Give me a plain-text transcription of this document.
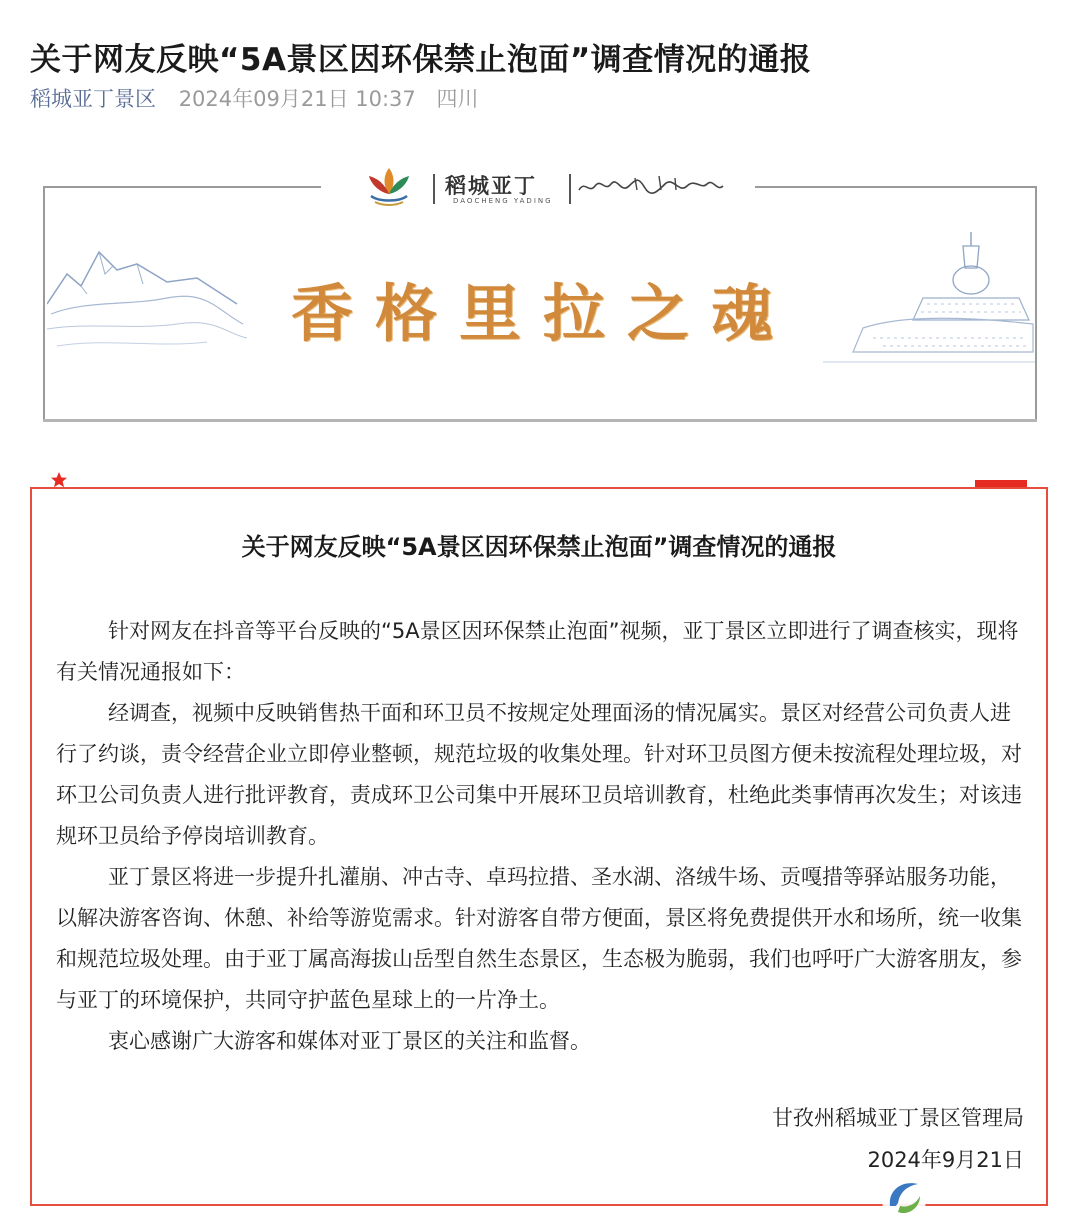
关于网友反映“5A景区因环保禁止泡面”调查情况的通报
稻城亚丁景区 2024年09月21日 10:37 四川
稻城亚丁
DAOCHENG YADING
香格里拉之魂
关于网友反映“5A景区因环保禁止泡面”调查情况的通报

针对网友在抖音等平台反映的“5A景区因环保禁止泡面”视频，亚丁景区立即进行了调查核实，现将有关情况通报如下：

经调查，视频中反映销售热干面和环卫员不按规定处理面汤的情况属实。景区对经营公司负责人进行了约谈，责令经营企业立即停业整顿，规范垃圾的收集处理。针对环卫员图方便未按流程处理垃圾，对环卫公司负责人进行批评教育，责成环卫公司集中开展环卫员培训教育，杜绝此类事情再次发生；对该违规环卫员给予停岗培训教育。

亚丁景区将进一步提升扎灌崩、冲古寺、卓玛拉措、圣水湖、洛绒牛场、贡嘎措等驿站服务功能，以解决游客咨询、休憩、补给等游览需求。针对游客自带方便面，景区将免费提供开水和场所，统一收集和规范垃圾处理。由于亚丁属高海拔山岳型自然生态景区，生态极为脆弱，我们也呼吁广大游客朋友，参与亚丁的环境保护，共同守护蓝色星球上的一片净土。

衷心感谢广大游客和媒体对亚丁景区的关注和监督。

甘孜州稻城亚丁景区管理局
2024年9月21日
